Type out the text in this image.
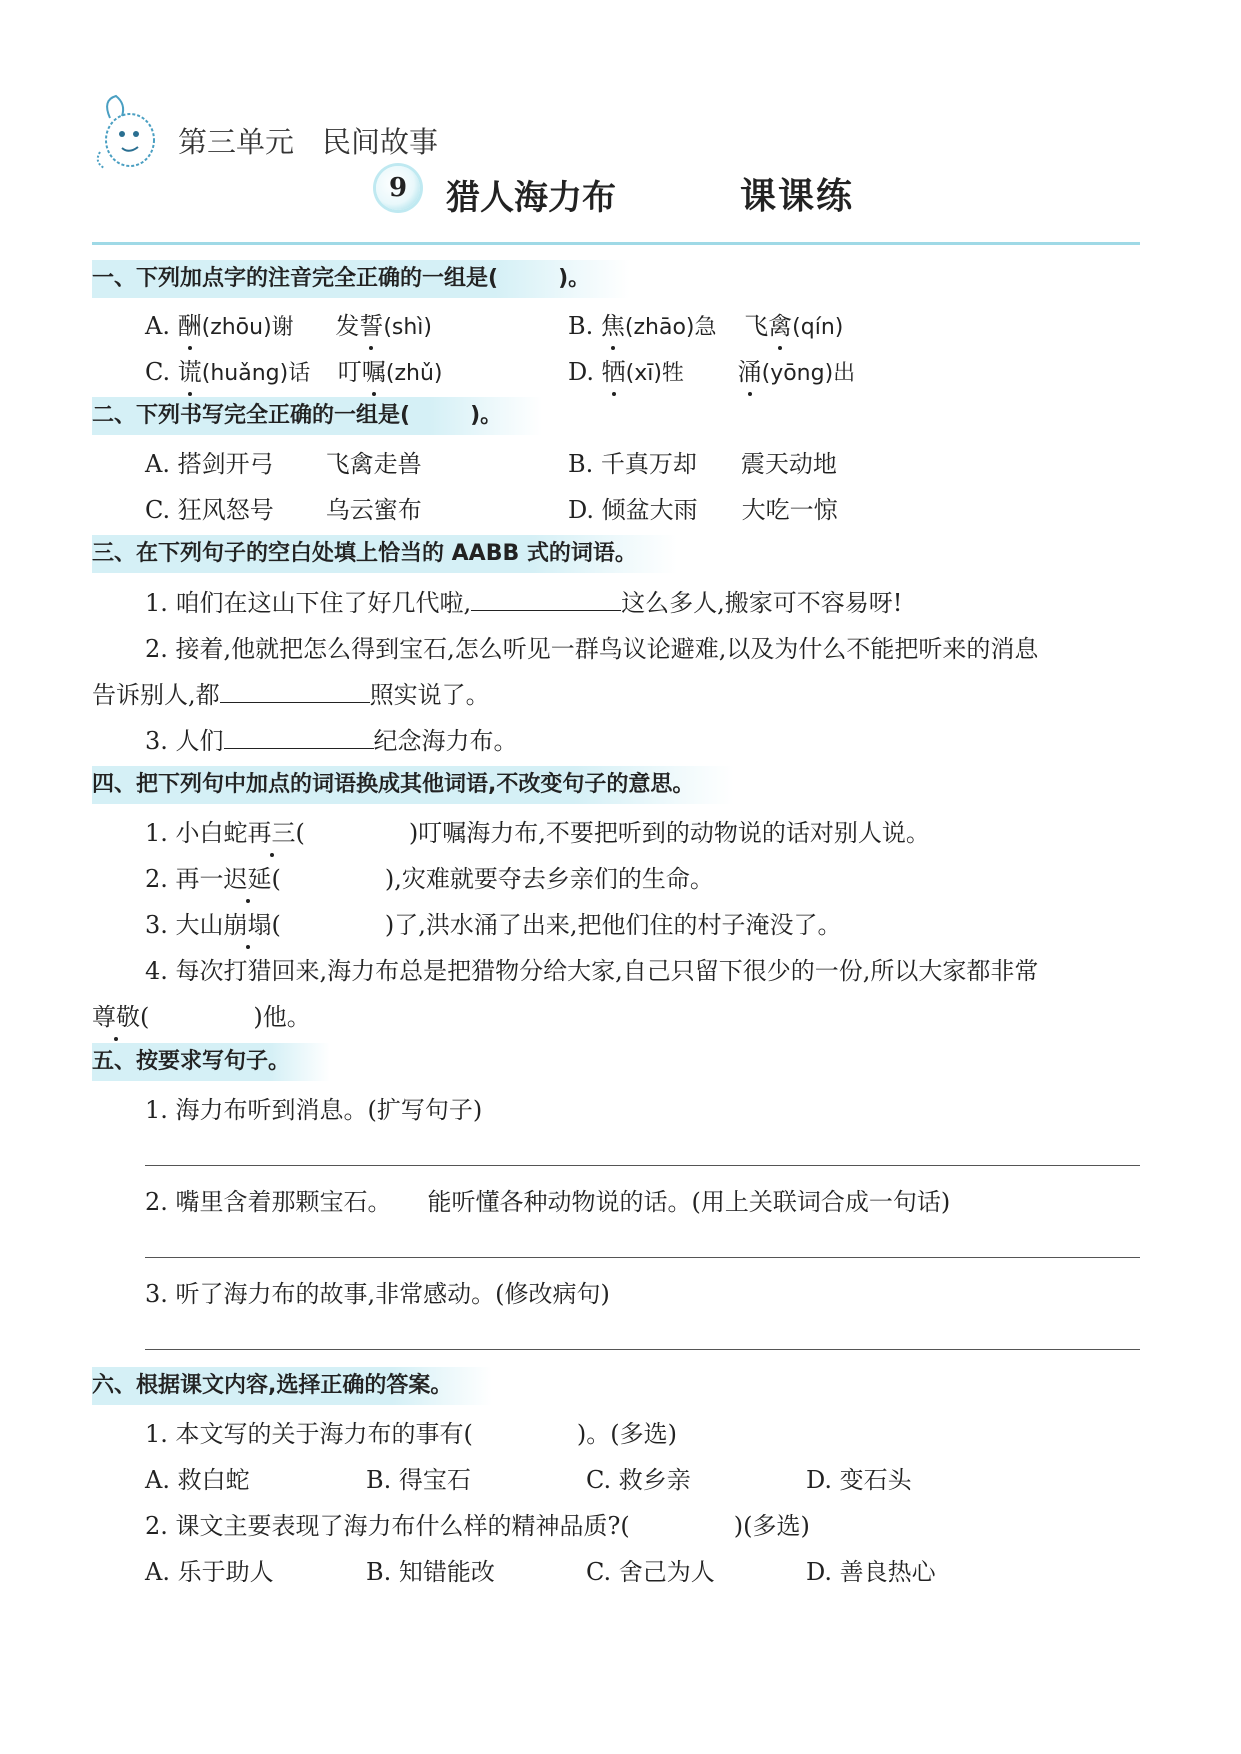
第三单元 民间故事
9	猎人海力布	课课练
一、下列加点字的注音完全正确的一组是(	)。
A. 酬(zhōu)谢 发誓(shì)	B. 焦(zhāo)急 飞禽(qín)
C. 谎(huǎng)话 叮嘱(zhǔ)	D. 牺(xī)牲 涌(yōng)出
二、下列书写完全正确的一组是(	)。
A. 搭剑开弓 飞禽走兽	B. 千真万却 震天动地
C. 狂风怒号 乌云蜜布	D. 倾盆大雨 大吃一惊
三、在下列句子的空白处填上恰当的 AABB 式的词语。
1. 咱们在这山下住了好几代啦,	这么多人,搬家可不容易呀!
2. 接着,他就把怎么得到宝石,怎么听见一群鸟议论避难,以及为什么不能把听来的消息
告诉别人,都	照实说了。
3. 人们	纪念海力布。
四、把下列句中加点的词语换成其他词语,不改变句子的意思。
1. 小白蛇再三(	)叮嘱海力布,不要把听到的动物说的话对别人说。
2. 再一迟延(	),灾难就要夺去乡亲们的生命。
3. 大山崩塌(	)了,洪水涌了出来,把他们住的村子淹没了。
4. 每次打猎回来,海力布总是把猎物分给大家,自己只留下很少的一份,所以大家都非常
尊敬(	)他。
五、按要求写句子。
1. 海力布听到消息。(扩写句子)
2. 嘴里含着那颗宝石。 能听懂各种动物说的话。(用上关联词合成一句话)
3. 听了海力布的故事,非常感动。(修改病句)
六、根据课文内容,选择正确的答案。
1. 本文写的关于海力布的事有(	)。(多选)
A. 救白蛇	B. 得宝石	C. 救乡亲	D. 变石头
2. 课文主要表现了海力布什么样的精神品质?(	)(多选)
A. 乐于助人	B. 知错能改	C. 舍己为人	D. 善良热心
